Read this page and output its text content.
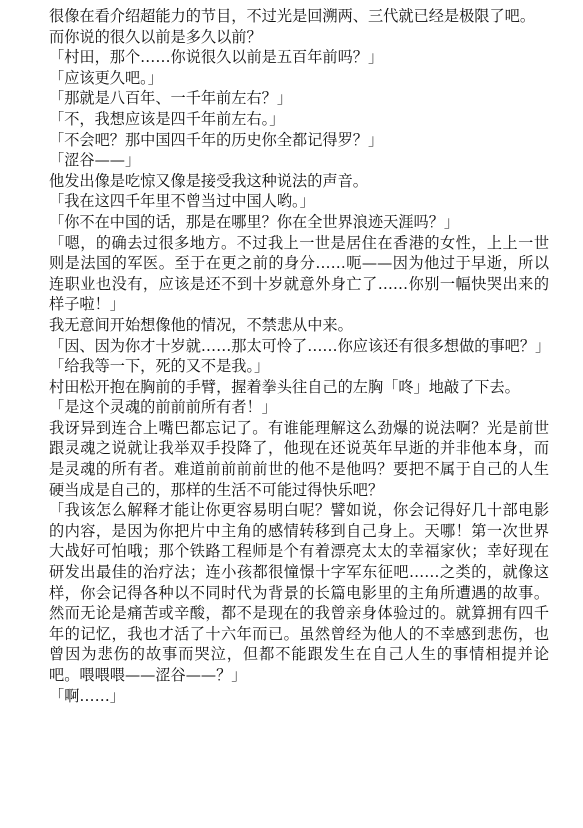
很像在看介绍超能力的节目，不过光是回溯两、三代就已经是极限了吧。

而你说的很久以前是多久以前？

「村田，那个……你说很久以前是五百年前吗？」

「应该更久吧。」

「那就是八百年、一千年前左右？」

「不，我想应该是四千年前左右。」

「不会吧？那中国四千年的历史你全都记得罗？」

「涩谷——」

他发出像是吃惊又像是接受我这种说法的声音。

「我在这四千年里不曾当过中国人哟。」

「你不在中国的话，那是在哪里？你在全世界浪迹天涯吗？」

「嗯，的确去过很多地方。不过我上一世是居住在香港的女性，上上一世则是法国的军医。至于在更之前的身分……呃——因为他过于早逝，所以连职业也没有，应该是还不到十岁就意外身亡了……你别一幅快哭出来的样子啦！」

我无意间开始想像他的情况，不禁悲从中来。

「因、因为你才十岁就……那太可怜了……你应该还有很多想做的事吧？」

「给我等一下，死的又不是我。」

村田松开抱在胸前的手臂，握着拳头往自己的左胸「咚」地敲了下去。

「是这个灵魂的前前前所有者！」

我讶异到连合上嘴巴都忘记了。有谁能理解这么劲爆的说法啊？光是前世跟灵魂之说就让我举双手投降了，他现在还说英年早逝的并非他本身，而是灵魂的所有者。难道前前前前世的他不是他吗？要把不属于自己的人生硬当成是自己的，那样的生活不可能过得快乐吧？

「我该怎么解释才能让你更容易明白呢？譬如说，你会记得好几十部电影的内容，是因为你把片中主角的感情转移到自己身上。天哪！第一次世界大战好可怕哦；那个铁路工程师是个有着漂亮太太的幸福家伙；幸好现在研发出最佳的治疗法；连小孩都很憧憬十字军东征吧……之类的，就像这样，你会记得各种以不同时代为背景的长篇电影里的主角所遭遇的故事。然而无论是痛苦或辛酸，都不是现在的我曾亲身体验过的。就算拥有四千年的记忆，我也才活了十六年而已。虽然曾经为他人的不幸感到悲伤，也曾因为悲伤的故事而哭泣，但都不能跟发生在自己人生的事情相提并论吧。喂喂喂——涩谷——？」

「啊……」
